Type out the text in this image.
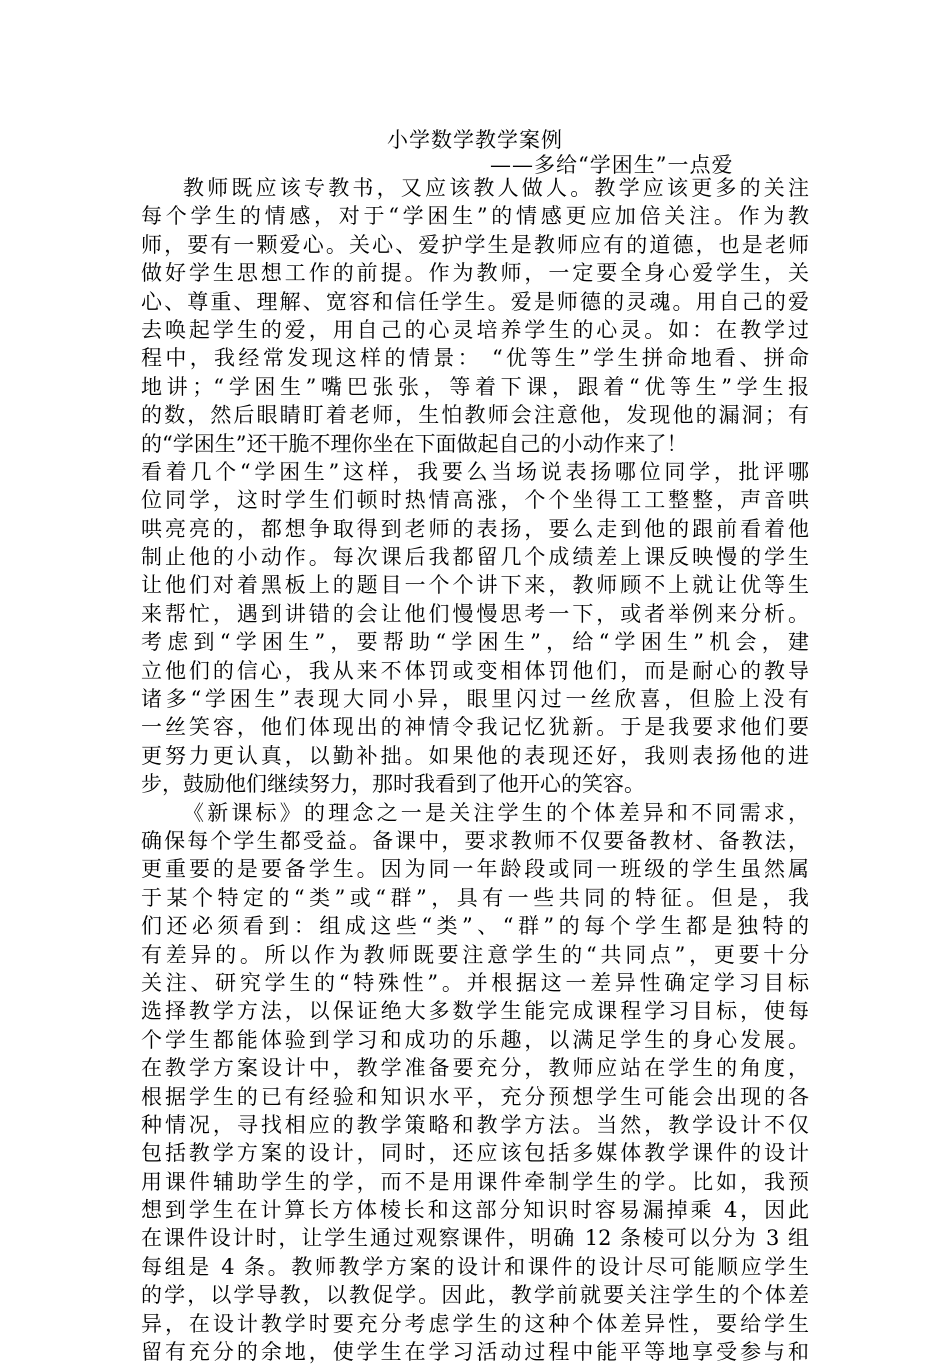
小学数学教学案例
——多给“学困生”一点爱
教师既应该专教书，又应该教人做人。教学应该更多的关注
每个学生的情感，对于“学困生”的情感更应加倍关注。作为教
师，要有一颗爱心。关心、爱护学生是教师应有的道德，也是老师
做好学生思想工作的前提。作为教师，一定要全身心爱学生，关
心、尊重、理解、宽容和信任学生。爱是师德的灵魂。用自己的爱
去唤起学生的爱，用自己的心灵培养学生的心灵。如：在教学过
程中，我经常发现这样的情景： “优等生”学生拼命地看、拼命
地讲；“学困生”嘴巴张张，等着下课，跟着“优等生”学生报
的数，然后眼睛盯着老师，生怕教师会注意他，发现他的漏洞；有
的“学困生”还干脆不理你坐在下面做起自己的小动作来了！
看着几个“学困生”这样，我要么当场说表扬哪位同学，批评哪
位同学，这时学生们顿时热情高涨，个个坐得工工整整，声音哄
哄亮亮的，都想争取得到老师的表扬，要么走到他的跟前看着他
制止他的小动作。每次课后我都留几个成绩差上课反映慢的学生
让他们对着黑板上的题目一个个讲下来，教师顾不上就让优等生
来帮忙，遇到讲错的会让他们慢慢思考一下，或者举例来分析。
考虑到“学困生”，要帮助“学困生”，给“学困生”机会，建
立他们的信心，我从来不体罚或变相体罚他们，而是耐心的教导
诸多“学困生”表现大同小异，眼里闪过一丝欣喜，但脸上没有
一丝笑容，他们体现出的神情令我记忆犹新。于是我要求他们要
更努力更认真，以勤补拙。如果他的表现还好，我则表扬他的进
步，鼓励他们继续努力，那时我看到了他开心的笑容。
《新课标》的理念之一是关注学生的个体差异和不同需求，
确保每个学生都受益。备课中，要求教师不仅要备教材、备教法，
更重要的是要备学生。因为同一年龄段或同一班级的学生虽然属
于某个特定的“类”或“群”，具有一些共同的特征。但是，我
们还必须看到：组成这些“类”、“群”的每个学生都是独特的
有差异的。所以作为教师既要注意学生的“共同点”，更要十分
关注、研究学生的“特殊性”。并根据这一差异性确定学习目标
选择教学方法，以保证绝大多数学生能完成课程学习目标，使每
个学生都能体验到学习和成功的乐趣，以满足学生的身心发展。
在教学方案设计中，教学准备要充分，教师应站在学生的角度，
根据学生的已有经验和知识水平，充分预想学生可能会出现的各
种情况，寻找相应的教学策略和教学方法。当然，教学设计不仅
包括教学方案的设计，同时，还应该包括多媒体教学课件的设计
用课件辅助学生的学，而不是用课件牵制学生的学。比如，我预
想到学生在计算长方体棱长和这部分知识时容易漏掉乘 4，因此
在课件设计时，让学生通过观察课件，明确 12 条棱可以分为 3 组
每组是 4 条。教师教学方案的设计和课件的设计尽可能顺应学生
的学，以学导教，以教促学。因此，教学前就要关注学生的个体差
异，在设计教学时要充分考虑学生的这种个体差异性，要给学生
留有充分的余地，使学生在学习活动过程中能平等地享受参与和
